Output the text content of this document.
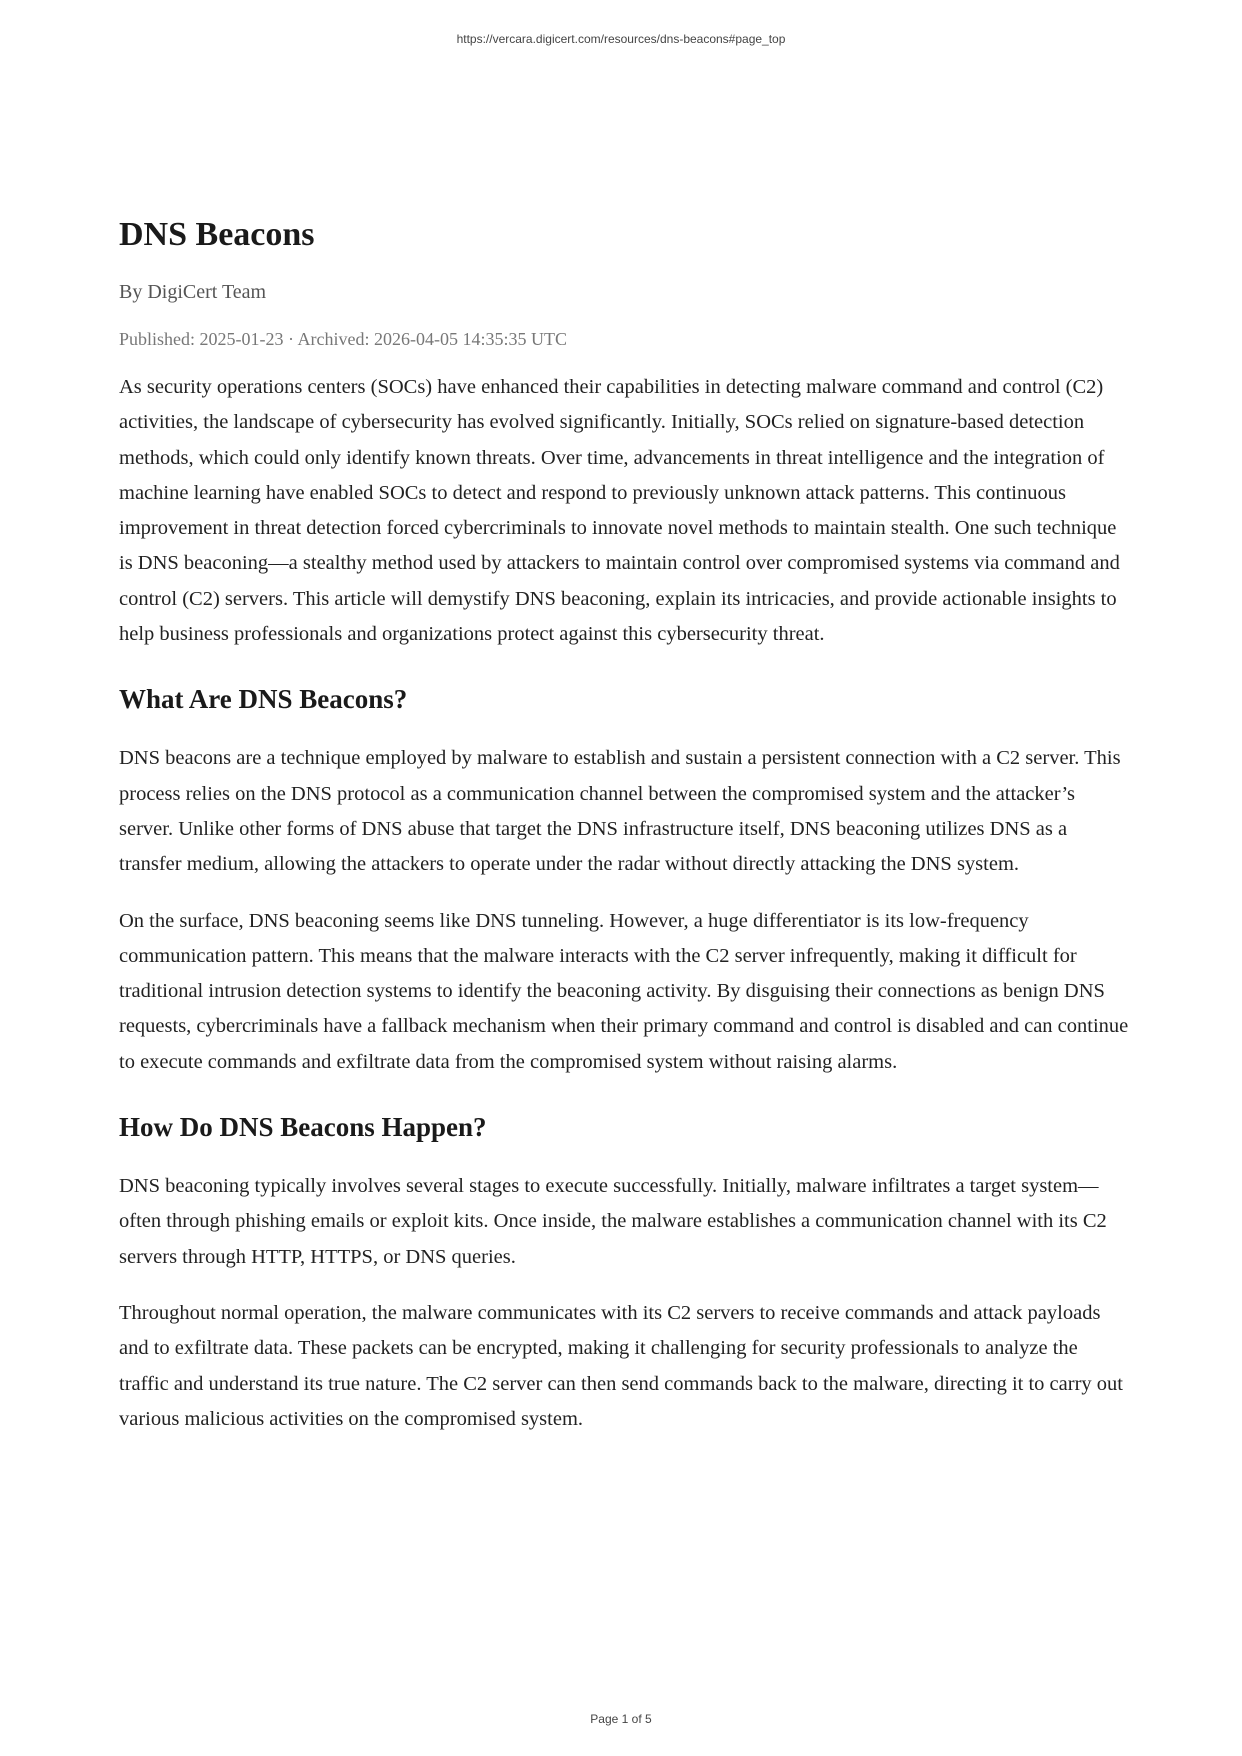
https://vercara.digicert.com/resources/dns-beacons#page_top
DNS Beacons

By DigiCert Team

Published: 2025-01-23 · Archived: 2026-04-05 14:35:35 UTC

As security operations centers (SOCs) have enhanced their capabilities in detecting malware command and control (C2) activities, the landscape of cybersecurity has evolved significantly. Initially, SOCs relied on signature-based detection methods, which could only identify known threats. Over time, advancements in threat intelligence and the integration of machine learning have enabled SOCs to detect and respond to previously unknown attack patterns. This continuous improvement in threat detection forced cybercriminals to innovate novel methods to maintain stealth. One such technique is DNS beaconing—a stealthy method used by attackers to maintain control over compromised systems via command and control (C2) servers. This article will demystify DNS beaconing, explain its intricacies, and provide actionable insights to help business professionals and organizations protect against this cybersecurity threat.

What Are DNS Beacons?

DNS beacons are a technique employed by malware to establish and sustain a persistent connection with a C2 server. This process relies on the DNS protocol as a communication channel between the compromised system and the attacker’s server. Unlike other forms of DNS abuse that target the DNS infrastructure itself, DNS beaconing utilizes DNS as a transfer medium, allowing the attackers to operate under the radar without directly attacking the DNS system.

On the surface, DNS beaconing seems like DNS tunneling. However, a huge differentiator is its low-frequency communication pattern. This means that the malware interacts with the C2 server infrequently, making it difficult for traditional intrusion detection systems to identify the beaconing activity. By disguising their connections as benign DNS requests, cybercriminals have a fallback mechanism when their primary command and control is disabled and can continue to execute commands and exfiltrate data from the compromised system without raising alarms.

How Do DNS Beacons Happen?

DNS beaconing typically involves several stages to execute successfully. Initially, malware infiltrates a target system—often through phishing emails or exploit kits. Once inside, the malware establishes a communication channel with its C2 servers through HTTP, HTTPS, or DNS queries.

Throughout normal operation, the malware communicates with its C2 servers to receive commands and attack payloads and to exfiltrate data. These packets can be encrypted, making it challenging for security professionals to analyze the traffic and understand its true nature. The C2 server can then send commands back to the malware, directing it to carry out various malicious activities on the compromised system.

Page 1 of 5
